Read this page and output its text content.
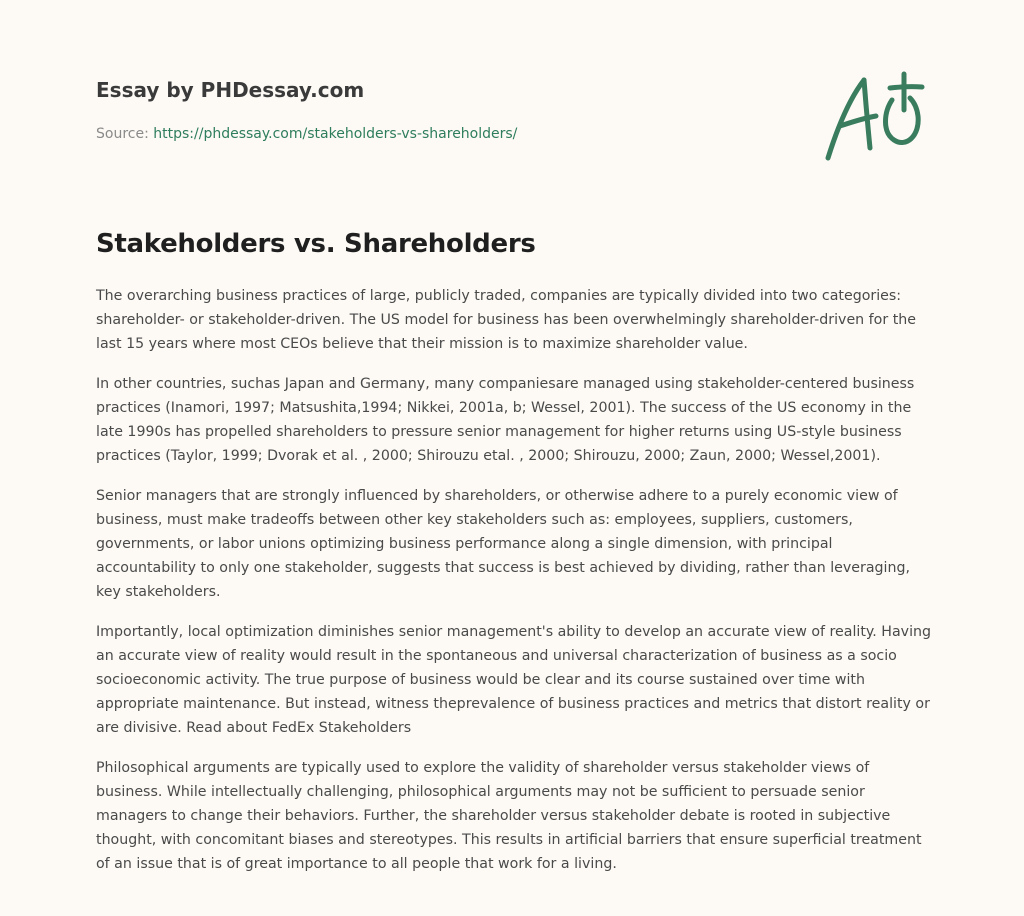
Essay by PHDessay.com
Source: https://phdessay.com/stakeholders-vs-shareholders/
Stakeholders vs. Shareholders

The overarching business practices of large, publicly traded, companies are typically divided into two categories: shareholder- or stakeholder-driven. The US model for business has been overwhelmingly shareholder-driven for the last 15 years where most CEOs believe that their mission is to maximize shareholder value.

In other countries, suchas Japan and Germany, many companiesare managed using stakeholder-centered business practices (Inamori, 1997; Matsushita,1994; Nikkei, 2001a, b; Wessel, 2001). The success of the US economy in the late 1990s has propelled shareholders to pressure senior management for higher returns using US-style business practices (Taylor, 1999; Dvorak et al. , 2000; Shirouzu etal. , 2000; Shirouzu, 2000; Zaun, 2000; Wessel,2001).

Senior managers that are strongly influenced by shareholders, or otherwise adhere to a purely economic view of business, must make tradeoffs between other key stakeholders such as: employees, suppliers, customers, governments, or labor unions optimizing business performance along a single dimension, with principal accountability to only one stakeholder, suggests that success is best achieved by dividing, rather than leveraging, key stakeholders.

Importantly, local optimization diminishes senior management's ability to develop an accurate view of reality. Having an accurate view of reality would result in the spontaneous and universal characterization of business as a socio socioeconomic activity. The true purpose of business would be clear and its course sustained over time with appropriate maintenance. But instead, witness theprevalence of business practices and metrics that distort reality or are divisive. Read about FedEx Stakeholders

Philosophical arguments are typically used to explore the validity of shareholder versus stakeholder views of business. While intellectually challenging, philosophical arguments may not be sufficient to persuade senior managers to change their behaviors. Further, the shareholder versus stakeholder debate is rooted in subjective thought, with concomitant biases and stereotypes. This results in artificial barriers that ensure superficial treatment of an issue that is of great importance to all people that work for a living.
